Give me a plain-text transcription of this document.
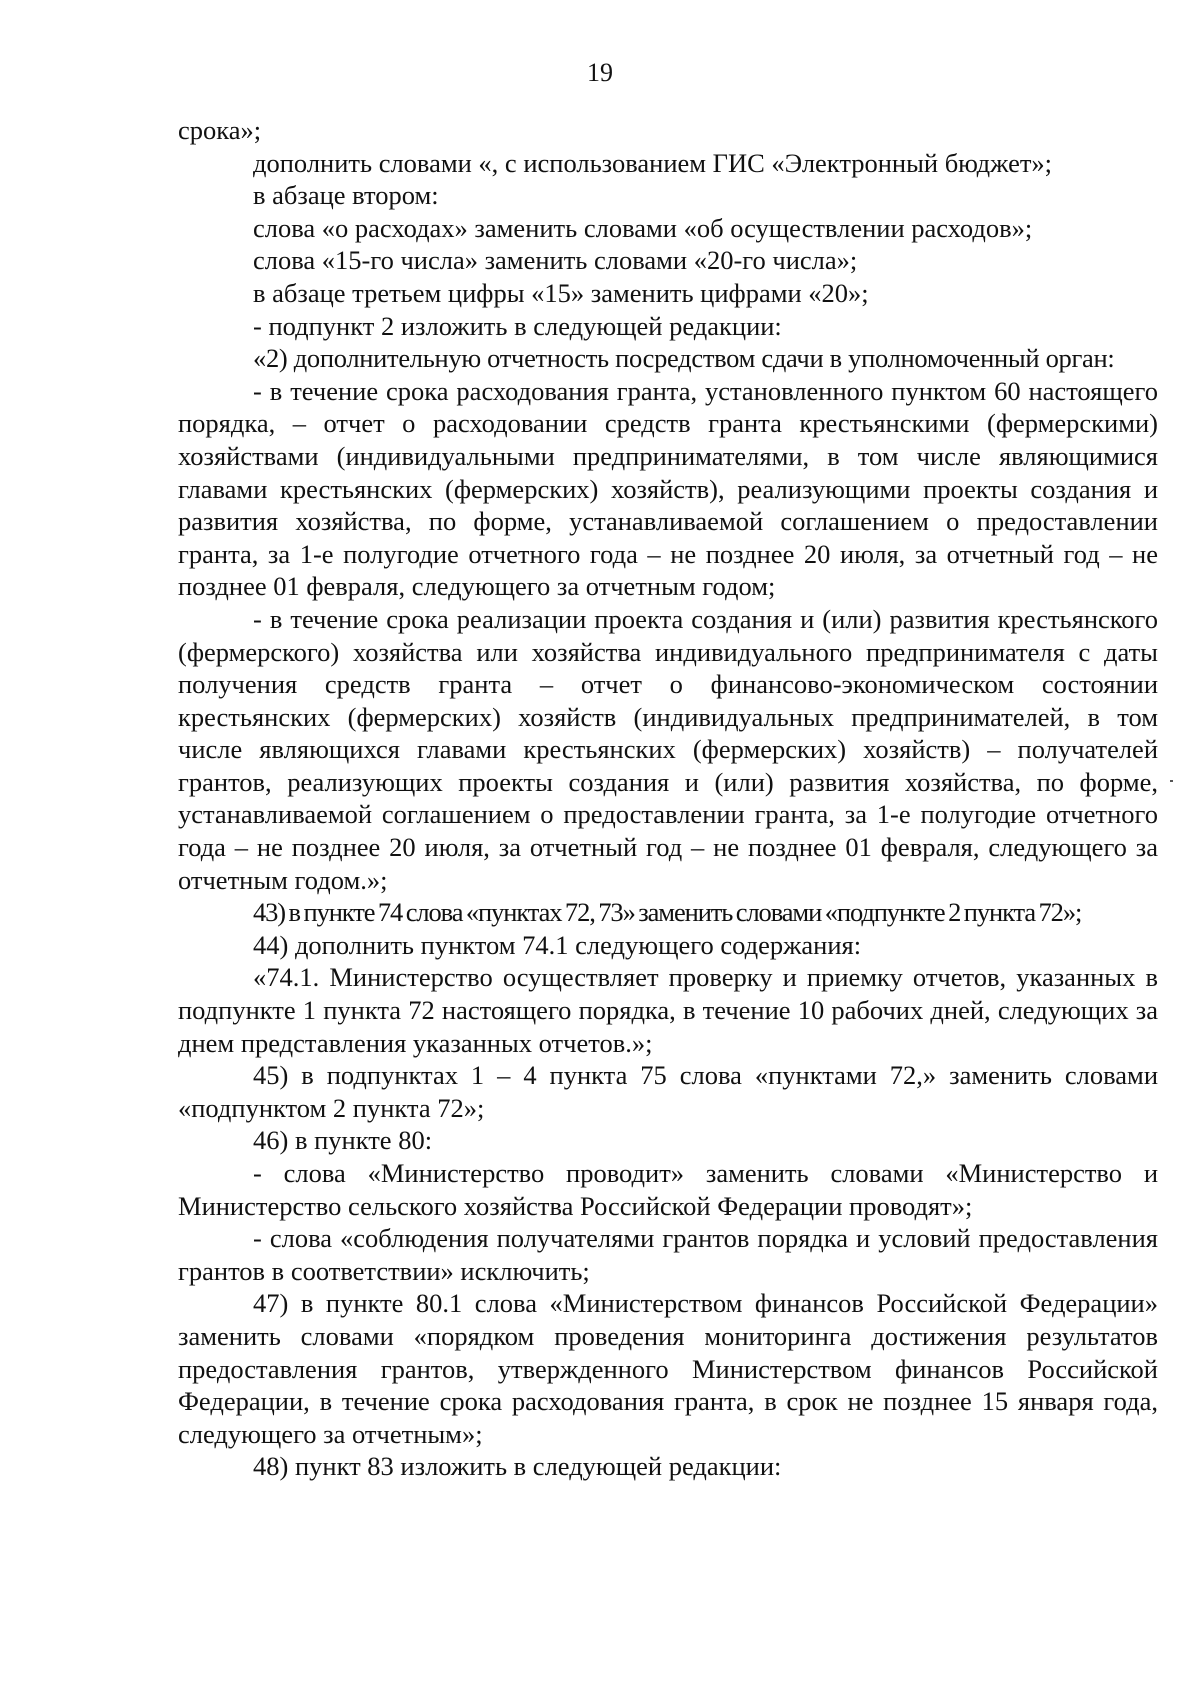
19

срока»;

дополнить словами «, с использованием ГИС «Электронный бюджет»;

в абзаце втором:

слова «о расходах» заменить словами «об осуществлении расходов»;

слова «15-го числа» заменить словами «20-го числа»;

в абзаце третьем цифры «15» заменить цифрами «20»;

- подпункт 2 изложить в следующей редакции:

«2) дополнительную отчетность посредством сдачи в уполномоченный орган:

- в течение срока расходования гранта, установленного пунктом 60 настоящего порядка, – отчет о расходовании средств гранта крестьянскими (фермерскими) хозяйствами (индивидуальными предпринимателями, в том числе являющимися главами крестьянских (фермерских) хозяйств), реализующими проекты создания и развития хозяйства, по форме, устанавливаемой соглашением о предоставлении гранта, за 1-е полугодие отчетного года – не позднее 20 июля, за отчетный год – не позднее 01 февраля, следующего за отчетным годом;

- в течение срока реализации проекта создания и (или) развития крестьянского (фермерского) хозяйства или хозяйства индивидуального предпринимателя с даты получения средств гранта – отчет о финансово-экономическом состоянии крестьянских (фермерских) хозяйств (индивидуальных предпринимателей, в том числе являющихся главами крестьянских (фермерских) хозяйств) – получателей грантов, реализующих проекты создания и (или) развития хозяйства, по форме, устанавливаемой соглашением о предоставлении гранта, за 1-е полугодие отчетного года – не позднее 20 июля, за отчетный год – не позднее 01 февраля, следующего за отчетным годом.»;

43) в пункте 74 слова «пунктах 72, 73» заменить словами «подпункте 2 пункта 72»;

44) дополнить пунктом 74.1 следующего содержания:

«74.1. Министерство осуществляет проверку и приемку отчетов, указанных в подпункте 1 пункта 72 настоящего порядка, в течение 10 рабочих дней, следующих за днем представления указанных отчетов.»;

45) в подпунктах 1 – 4 пункта 75 слова «пунктами 72,» заменить словами «подпунктом 2 пункта 72»;

46) в пункте 80:

- слова «Министерство проводит» заменить словами «Министерство и Министерство сельского хозяйства Российской Федерации проводят»;

- слова «соблюдения получателями грантов порядка и условий предоставления грантов в соответствии» исключить;

47) в пункте 80.1 слова «Министерством финансов Российской Федерации» заменить словами «порядком проведения мониторинга достижения результатов предоставления грантов, утвержденного Министерством финансов Российской Федерации, в течение срока расходования гранта, в срок не позднее 15 января года, следующего за отчетным»;

48) пункт 83 изложить в следующей редакции:
